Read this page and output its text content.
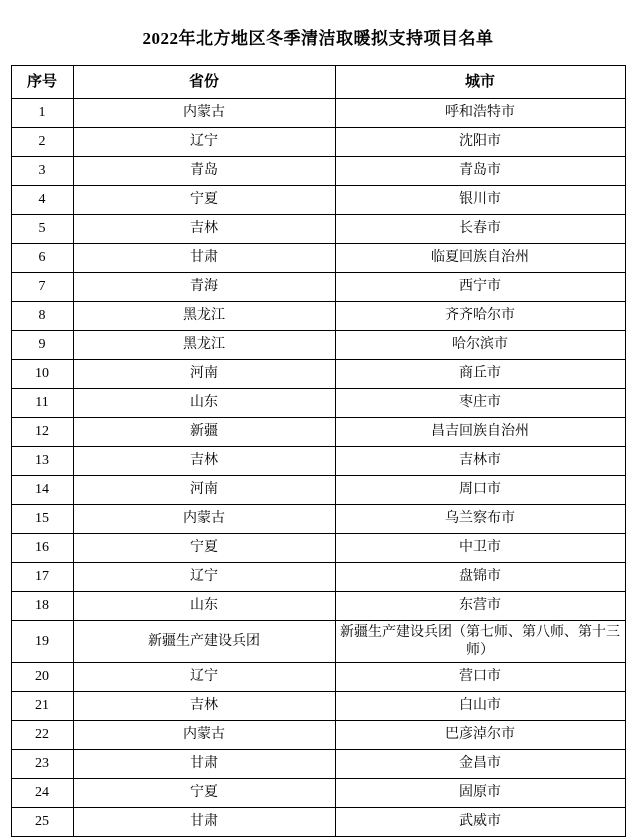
2022年北方地区冬季清洁取暖拟支持项目名单
序号	省份	城市
1	内蒙古	呼和浩特市
2	辽宁	沈阳市
3	青岛	青岛市
4	宁夏	银川市
5	吉林	长春市
6	甘肃	临夏回族自治州
7	青海	西宁市
8	黑龙江	齐齐哈尔市
9	黑龙江	哈尔滨市
10	河南	商丘市
11	山东	枣庄市
12	新疆	昌吉回族自治州
13	吉林	吉林市
14	河南	周口市
15	内蒙古	乌兰察布市
16	宁夏	中卫市
17	辽宁	盘锦市
18	山东	东营市
19	新疆生产建设兵团	新疆生产建设兵团（第七师、第八师、第十三师）
20	辽宁	营口市
21	吉林	白山市
22	内蒙古	巴彦淖尔市
23	甘肃	金昌市
24	宁夏	固原市
25	甘肃	武威市
